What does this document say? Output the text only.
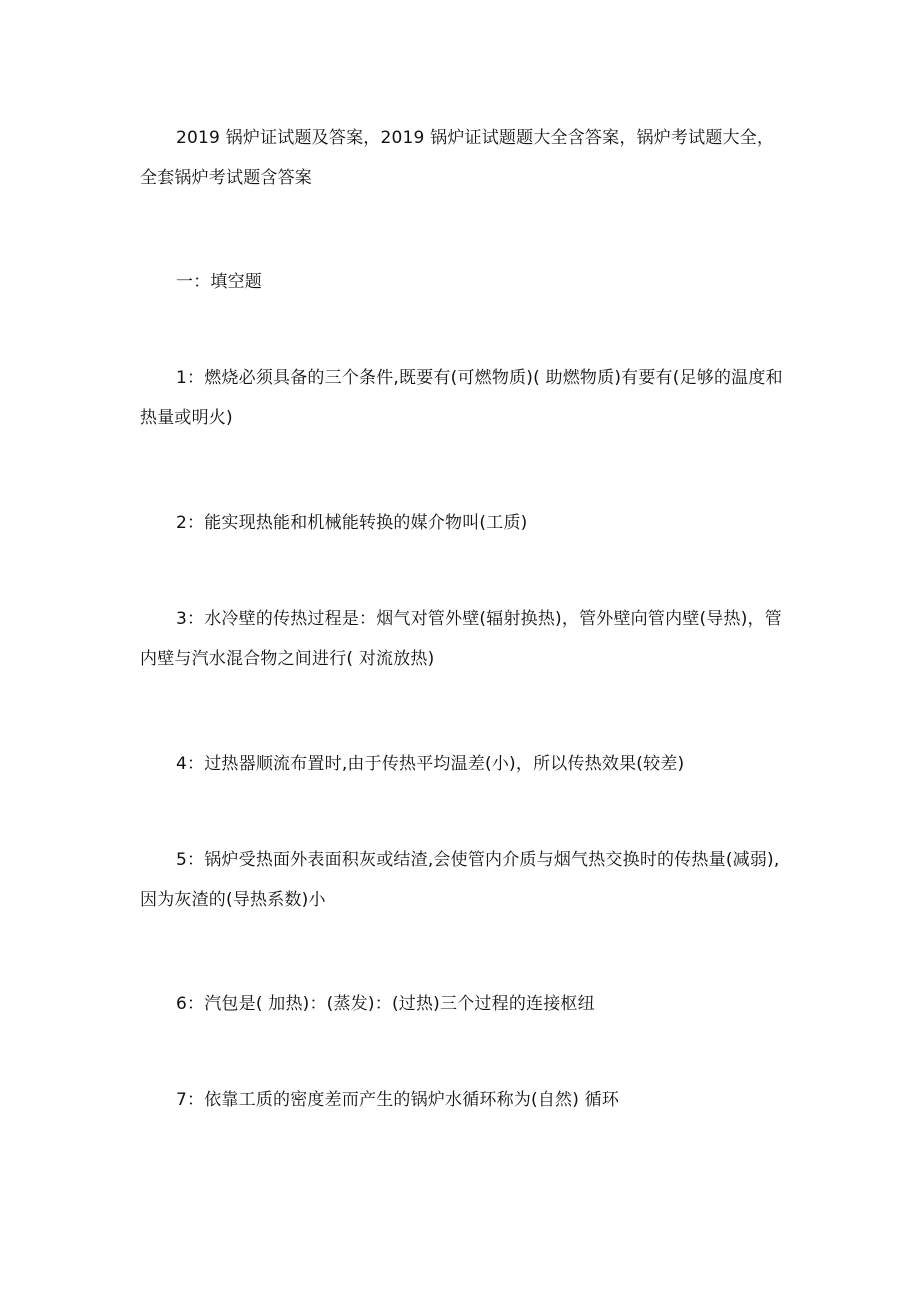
2019 锅炉证试题及答案，2019 锅炉证试题题大全含答案，锅炉考试题大全，全套锅炉考试题含答案

一：填空题

1：燃烧必须具备的三个条件,既要有(可燃物质)( 助燃物质)有要有(足够的温度和热量或明火)

2：能实现热能和机械能转换的媒介物叫(工质)

3：水冷壁的传热过程是：烟气对管外壁(辐射换热)，管外壁向管内壁(导热)，管内壁与汽水混合物之间进行( 对流放热)

4：过热器顺流布置时,由于传热平均温差(小)，所以传热效果(较差)

5：锅炉受热面外表面积灰或结渣,会使管内介质与烟气热交换时的传热量(减弱),因为灰渣的(导热系数)小

6：汽包是( 加热)：(蒸发)：(过热)三个过程的连接枢纽

7：依靠工质的密度差而产生的锅炉水循环称为(自然) 循环
